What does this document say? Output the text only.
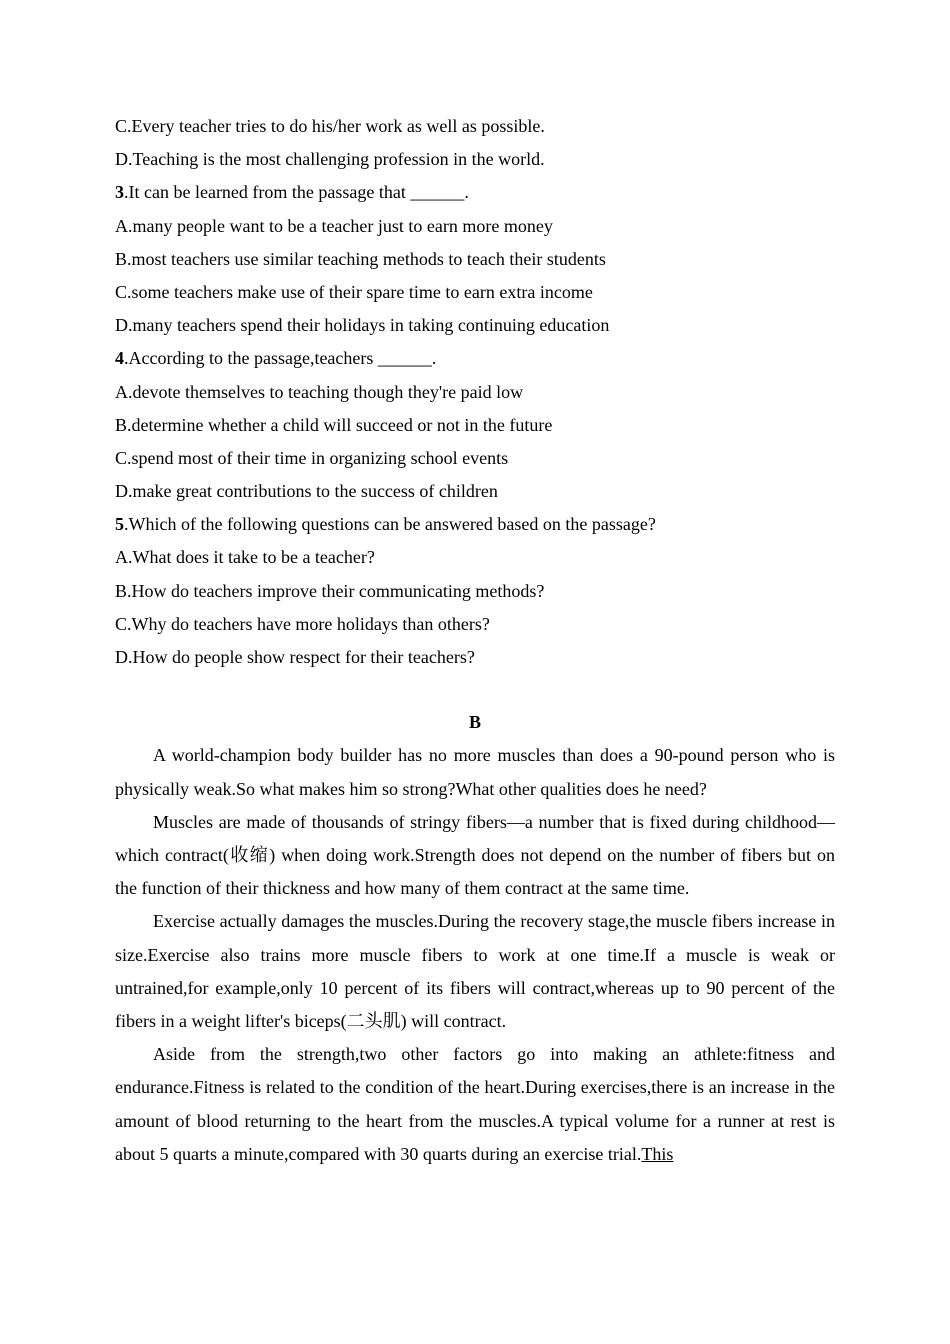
C.Every teacher tries to do his/her work as well as possible.
D.Teaching is the most challenging profession in the world.
3.It can be learned from the passage that ______.
A.many people want to be a teacher just to earn more money
B.most teachers use similar teaching methods to teach their students
C.some teachers make use of their spare time to earn extra income
D.many teachers spend their holidays in taking continuing education
4.According to the passage,teachers ______.
A.devote themselves to teaching though they're paid low
B.determine whether a child will succeed or not in the future
C.spend most of their time in organizing school events
D.make great contributions to the success of children
5.Which of the following questions can be answered based on the passage?
A.What does it take to be a teacher?
B.How do teachers improve their communicating methods?
C.Why do teachers have more holidays than others?
D.How do people show respect for their teachers?
B

A world-champion body builder has no more muscles than does a 90-pound person who is physically weak.So what makes him so strong?What other qualities does he need?

Muscles are made of thousands of stringy fibers—a number that is fixed during childhood—which contract(收缩) when doing work.Strength does not depend on the number of fibers but on the function of their thickness and how many of them contract at the same time.

Exercise actually damages the muscles.During the recovery stage,the muscle fibers increase in size.Exercise also trains more muscle fibers to work at one time.If a muscle is weak or untrained,for example,only 10 percent of its fibers will contract,whereas up to 90 percent of the fibers in a weight lifter's biceps(二头肌) will contract.

Aside from the strength,two other factors go into making an athlete:fitness and endurance.Fitness is related to the condition of the heart.During exercises,there is an increase in the amount of blood returning to the heart from the muscles.A typical volume for a runner at rest is about 5 quarts a minute,compared with 30 quarts during an exercise trial.This
